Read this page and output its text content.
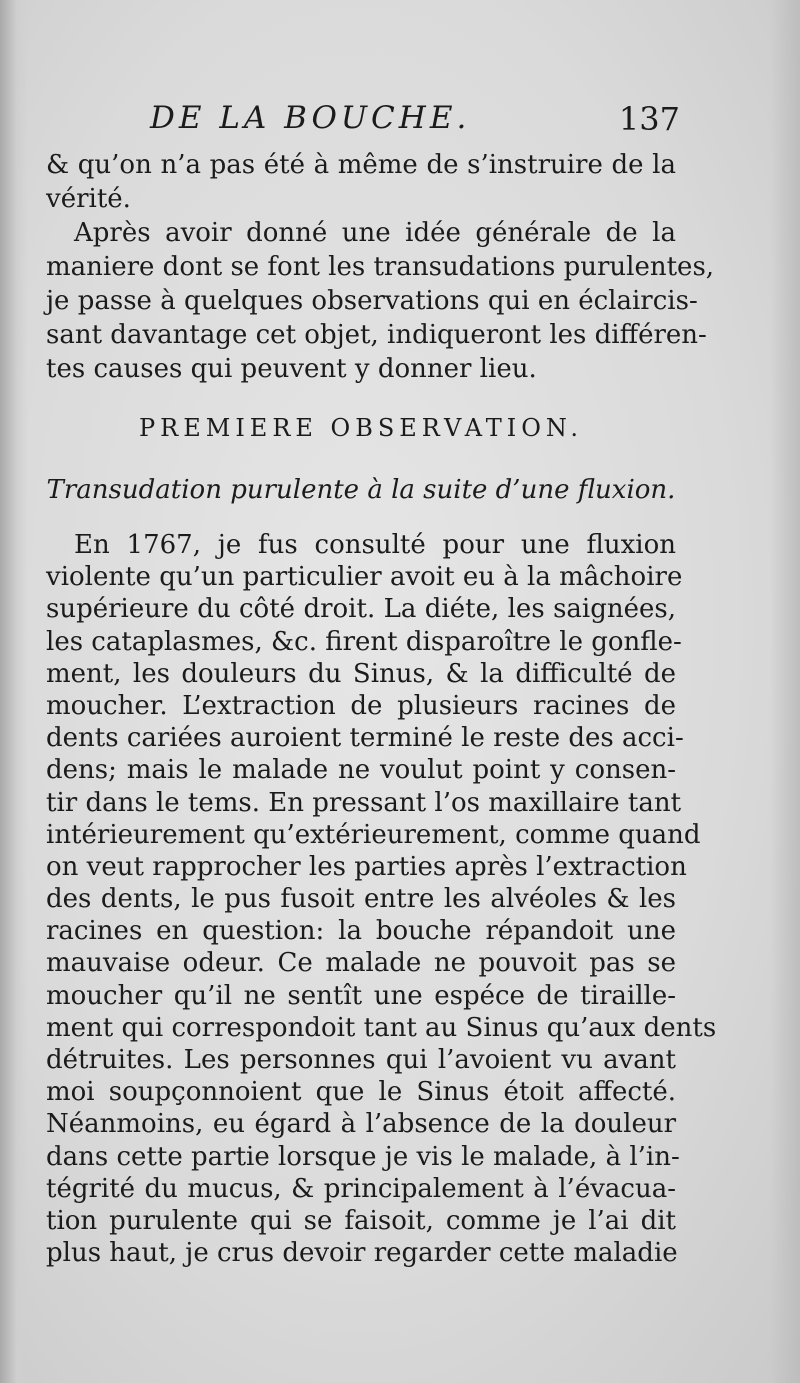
DE LA BOUCHE.	137
& qu’on n’a pas été à même de s’instruire de la
vérité.
Après avoir donné une idée générale de la
maniere dont se font les transudations purulentes,
je passe à quelques observations qui en éclaircis-
sant davantage cet objet, indiqueront les différen-
tes causes qui peuvent y donner lieu.
PREMIERE OBSERVATION.
Transudation purulente à la suite d’une fluxion.
En 1767, je fus consulté pour une fluxion
violente qu’un particulier avoit eu à la mâchoire
supérieure du côté droit. La diéte, les saignées,
les cataplasmes, &c. firent disparoître le gonfle-
ment, les douleurs du Sinus, & la difficulté de
moucher. L’extraction de plusieurs racines de
dents cariées auroient terminé le reste des acci-
dens; mais le malade ne voulut point y consen-
tir dans le tems. En pressant l’os maxillaire tant
intérieurement qu’extérieurement, comme quand
on veut rapprocher les parties après l’extraction
des dents, le pus fusoit entre les alvéoles & les
racines en question: la bouche répandoit une
mauvaise odeur. Ce malade ne pouvoit pas se
moucher qu’il ne sentît une espéce de tiraille-
ment qui correspondoit tant au Sinus qu’aux dents
détruites. Les personnes qui l’avoient vu avant
moi soupçonnoient que le Sinus étoit affecté.
Néanmoins, eu égard à l’absence de la douleur
dans cette partie lorsque je vis le malade, à l’in-
tégrité du mucus, & principalement à l’évacua-
tion purulente qui se faisoit, comme je l’ai dit
plus haut, je crus devoir regarder cette maladie
